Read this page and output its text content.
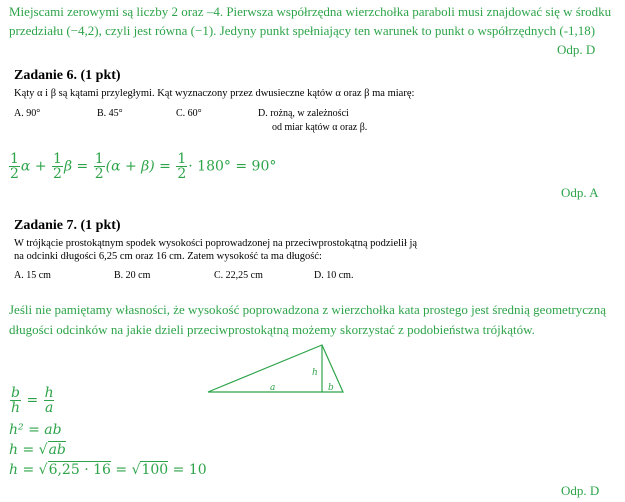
Miejscami zerowymi są liczby 2 oraz –4. Pierwsza współrzędna wierzchołka paraboli musi znajdować się w środku
przedziału (−4,2), czyli jest równa (−1). Jedyny punkt spełniający ten warunek to punkt o współrzędnych (-1,18)
Odp. D
Zadanie 6. (1 pkt)
Kąty α i β są kątami przyległymi. Kąt wyznaczony przez dwusieczne kątów α oraz β ma miarę:
A. 90°	B. 45°	C. 60°	D. rożną, w zależności
od miar kątów α oraz β.
$\frac{1}{2}$ $\alpha + \frac{1}{2}$ $\beta = \frac{1}{2} (\alpha + \beta) = \frac{1}{2} \cdot 180^\circ = 90^\circ$
Odp. A
Zadanie 7. (1 pkt)
W trójkącie prostokątnym spodek wysokości poprowadzonej na przeciwprostokątną podzielił ją
na odcinki długości 6,25 cm oraz 16 cm. Zatem wysokość ta ma długość:
A. 15 cm	B. 20 cm	C. 22,25 cm	D. 10 cm.
Jeśli nie pamiętamy własności, że wysokość poprowadzona z wierzchołka kata prostego jest średnią geometryczną
długości odcinków na jakie dzieli przeciwprostokątną możemy skorzystać z podobieństwa trójkątów.
h
a	b
$\frac{b}{h} = \frac{h}{a}$
h² = ab
h = √ab
h = √6,25 · 16 = √100 = 10
Odp. D
